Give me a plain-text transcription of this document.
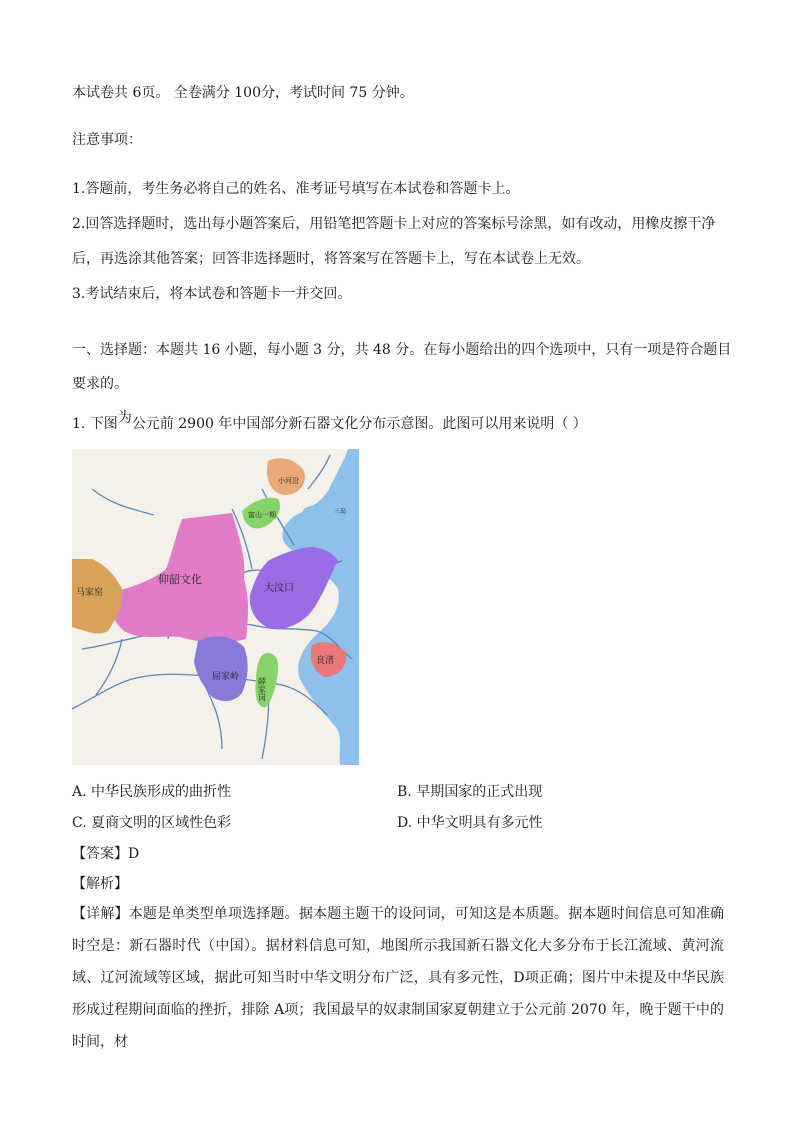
本试卷共 6页。 全卷满分 100分，考试时间 75 分钟。
注意事项：
1.答题前，考生务必将自己的姓名、准考证号填写在本试卷和答题卡上。
2.回答选择题时，选出每小题答案后，用铅笔把答题卡上对应的答案标号涂黑，如有改动，用橡皮擦干净
后，再选涂其他答案；回答非选择题时，将答案写在答题卡上，写在本试卷上无效。
3.考试结束后，将本试卷和答题卡一并交回。
一、选择题：本题共 16 小题，每小题 3 分，共 48 分。在每小题给出的四个选项中，只有一项是符合题目
要求的。
1. 下图为公元前 2900 年中国部分新石器文化分布示意图。此图可以用来说明（ ）
仰韶文化
大汶口
马家窑
屈家岭
良渚
薛家岗
小河沿
富山一期	三岛
A. 中华民族形成的曲折性	B. 早期国家的正式出现
C. 夏商文明的区域性色彩	D. 中华文明具有多元性
【答案】D
【解析】
【详解】本题是单类型单项选择题。据本题主题干的设问词，可知这是本质题。据本题时间信息可知准确时空是：新石器时代（中国）。据材料信息可知，地图所示我国新石器文化大多分布于长江流域、黄河流域、辽河流域等区域，据此可知当时中华文明分布广泛，具有多元性，D项正确；图片中未提及中华民族形成过程期间面临的挫折，排除 A项；我国最早的奴隶制国家夏朝建立于公元前 2070 年，晚于题干中的时间，材
